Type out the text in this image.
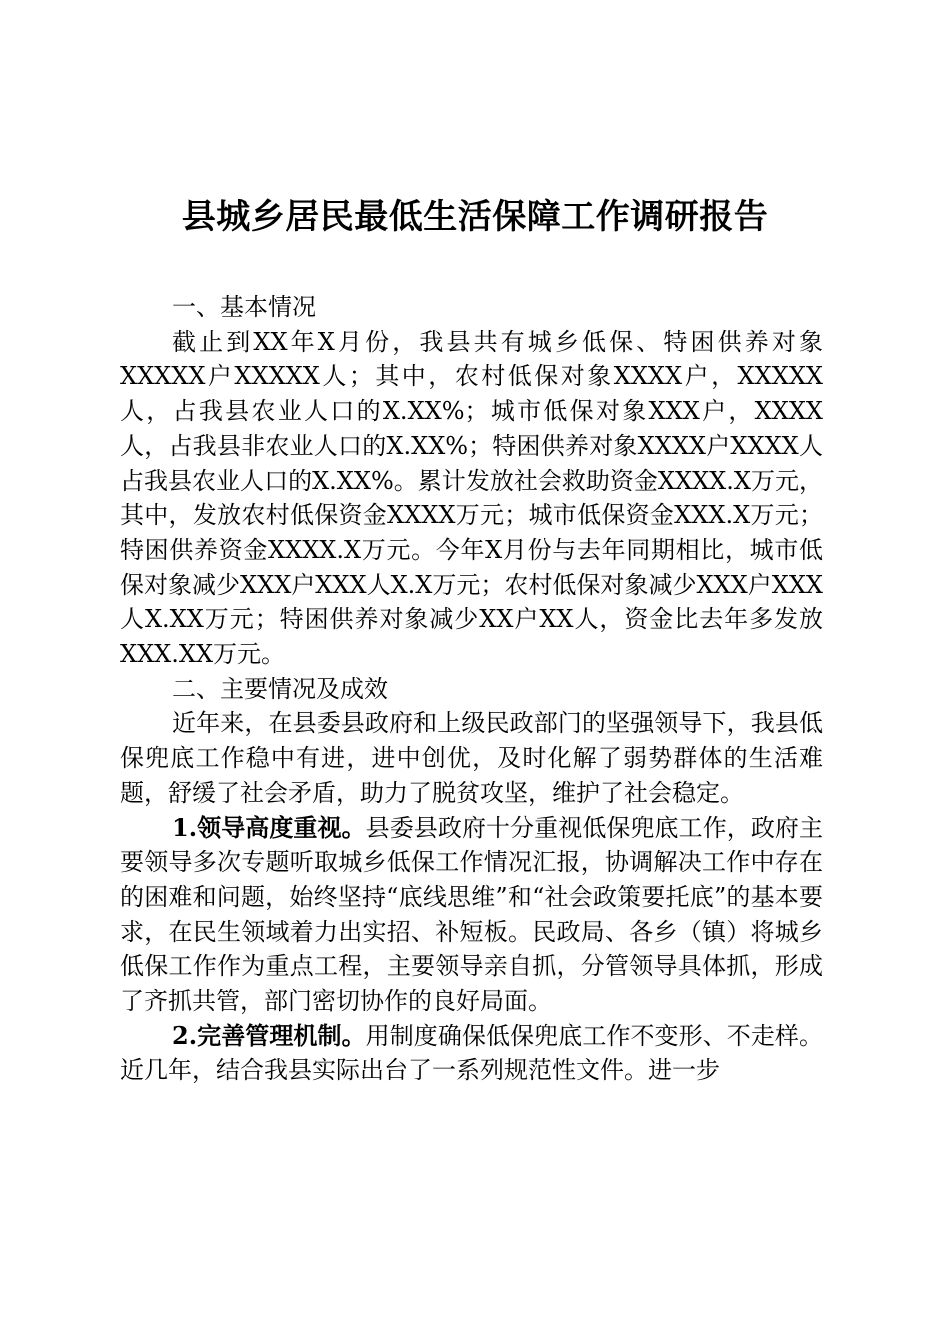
县城乡居民最低生活保障工作调研报告
一、基本情况

截止到XX年X月份，我县共有城乡低保、特困供养对象XXXXX户XXXXX人；其中，农村低保对象XXXX户，XXXXX人，占我县农业人口的X.XX%；城市低保对象XXX户，XXXX人，占我县非农业人口的X.XX%；特困供养对象XXXX户XXXX人占我县农业人口的X.XX%。累计发放社会救助资金XXXX.X万元，其中，发放农村低保资金XXXX万元；城市低保资金XXX.X万元；特困供养资金XXXX.X万元。今年X月份与去年同期相比，城市低保对象减少XXX户XXX人X.X万元；农村低保对象减少XXX户XXX人X.XX万元；特困供养对象减少XX户XX人，资金比去年多发放XXX.XX万元。

二、主要情况及成效

近年来，在县委县政府和上级民政部门的坚强领导下，我县低保兜底工作稳中有进，进中创优，及时化解了弱势群体的生活难题，舒缓了社会矛盾，助力了脱贫攻坚，维护了社会稳定。

1.领导高度重视。县委县政府十分重视低保兜底工作，政府主要领导多次专题听取城乡低保工作情况汇报，协调解决工作中存在的困难和问题，始终坚持“底线思维”和“社会政策要托底”的基本要求，在民生领域着力出实招、补短板。民政局、各乡（镇）将城乡低保工作作为重点工程，主要领导亲自抓，分管领导具体抓，形成了齐抓共管，部门密切协作的良好局面。

2.完善管理机制。用制度确保低保兜底工作不变形、不走样。近几年，结合我县实际出台了一系列规范性文件。进一步
